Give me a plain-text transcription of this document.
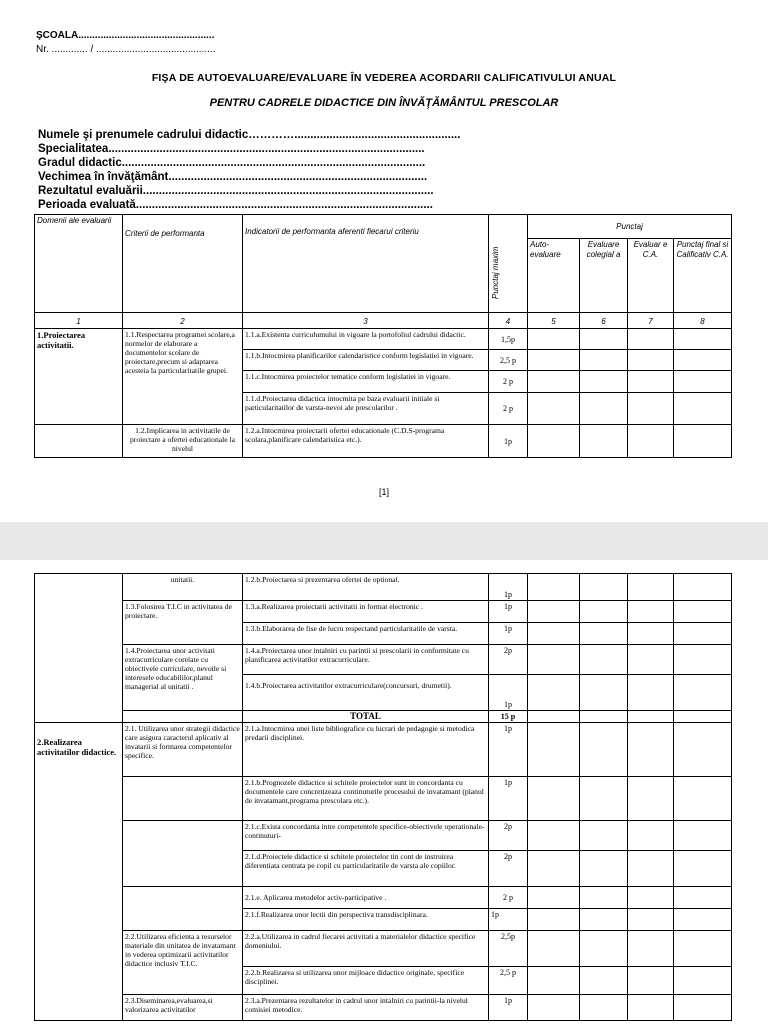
ŞCOALA.................................................
Nr. ............. / ...........................................
FIŞA DE AUTOEVALUARE/EVALUARE ÎN VEDEREA ACORDARII CALIFICATIVULUI ANUAL
PENTRU CADRELE DIDACTICE DIN ÎNVĂŢĂMÂNTUL PRESCOLAR
Numele şi prenumele cadrului didactic…………....................................................
Specialitatea...................................................................................................
Gradul didactic...............................................................................................
Vechimea în învăţământ.................................................................................
Rezultatul evaluării...........................................................................................
Perioada evaluată.............................................................................................
Domenii ale evaluarii	Criterii de performanta	Indicatorii de performanta aferenti fiecarui criteriu	Punctaj maxim	Punctaj			
				Auto-evaluare	Evaluare colegial a	Evaluar e C.A.	Punctaj final si Calificativ C.A.
1	2	3	4	5	6	7	8
1.Proiectarea activitatii.	1.1.Respectarea programei scolare,a normelor de elaborare a documentelor scolare de proiectare,precum si adaptarea acesteia la particularitatile grupei.	1.1.a.Existenta curriculumului in vigoare la portofoliul cadrului didactic.	1,5p				
		1.1.b.Intocmirea planificarilor calendaristice conform legislatiei in vigoare.	2,5 p				
		1.1.c.Intocmirea proiectelor tematice conform legislatiei in vigoare.	2 p				
		1.1.d.Proiectarea didactica intocmita pe baza evaluarii initiale si particularitatilor de varsta-nevoi ale prescolarilor .	2 p				
	1.2.Implicarea in activitatile de proiectare a ofertei educationale la nivelul	1.2.a.Intocmirea proiectarii ofertei educationale (C.D.S-programa scolara,planificare calendaristica etc.).	1p				
[1]
	unitatii.	1.2.b.Proiectarea si prezentarea ofertei de optional.	1p				
	1.3.Folosirea T.I.C in activitatea de proiectare.	1.3.a.Realizarea proiectarii activitatii in format electronic .	1p				
		1.3.b.Elaborarea de fise de lucru respectand particularitatile de varsta.	1p				
	1.4.Proiectarea unor activitati extracurriculare corelate cu obiectivele curriculare, nevoile si interesele educabililor,planul managerial al unitatii .	1.4.a.Proiectarea unor intalniri cu parintii si prescolarii in conformitate cu planificarea activitatilor extracurriculare.	2p				
		1.4.b.Proiectarea activitatilor extracurriculare(concursuri, drumetii).	1p				
		TOTAL	15 p				
2.Realizarea activitatilor didactice.	2.1. Utilizarea unor strategii didactice care asigura caracterul aplicativ al invatarii si formarea competentelor specifice.	2.1.a.Intocmirea unei liste bibliografice cu lucrari de pedagogie si metodica predarii disciplinei.	1p				
		2.1.b.Prognozele didactice si schitele proiectelor sunt in concordanta cu documentele care concretizeaza continuturile procesului de invatamant (planul de invatamant,programa prescolara etc.).	1p				
		2.1.c.Exista concordanta intre competentele specifice-obiectivele operationale-continuturi-	2p				
		2.1.d.Proiectele didactice si schitele proiectelor tin cont de instruirea diferentiata centrata pe copil cu particularitatile de varsta ale copiilor.	2p				
		2.1.e. Aplicarea metodelor activ-participative .	2 p				
		2.1.f.Realizarea unor lectii din perspectiva transdisciplinara.	1p				
	2.2.Utilizarea eficienta a resurselor materiale din unitatea de invatamant in vederea optimizarii activitatilor didactice inclusiv T.I.C.	2.2.a.Utilizarea in cadrul fiecarei activitati a materialelor didactice specifice domeniului.	2,5p				
		2.2.b.Realizarea si utilizarea unor mijloace didactice originale, specifice disciplinei.	2,5 p				
	2.3.Diseminarea,evaluarea,si valorizarea activitatilor	2.3.a.Prezentarea rezultatelor in cadrul unor intalniri cu parintii-la nivelul comisiei metodice.	1p				
